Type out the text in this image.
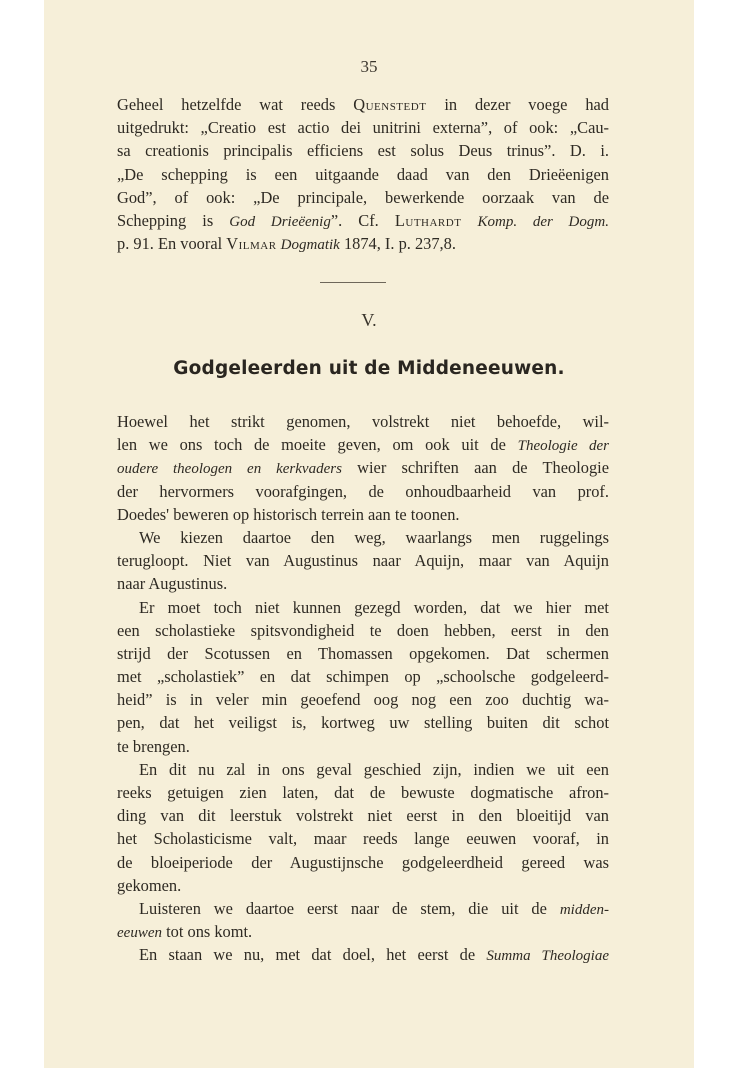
35
Geheel hetzelfde wat reeds Quenstedt in dezer voege had
uitgedrukt: „Creatio est actio dei unitrini externa”, of ook: „Cau-
sa creationis principalis efficiens est solus Deus trinus”. D. i.
„De schepping is een uitgaande daad van den Drieëenigen
God”, of ook: „De principale, bewerkende oorzaak van de
Schepping is God Drieëenig”. Cf. Luthardt Komp. der Dogm.
p. 91. En vooral Vilmar Dogmatik 1874, I. p. 237,8.
V.
Godgeleerden uit de Middeneeuwen.
Hoewel het strikt genomen, volstrekt niet behoefde, wil-
len we ons toch de moeite geven, om ook uit de Theologie der
oudere theologen en kerkvaders wier schriften aan de Theologie
der hervormers voorafgingen, de onhoudbaarheid van prof.
Doedes' beweren op historisch terrein aan te toonen.
We kiezen daartoe den weg, waarlangs men ruggelings
terugloopt. Niet van Augustinus naar Aquijn, maar van Aquijn
naar Augustinus.
Er moet toch niet kunnen gezegd worden, dat we hier met
een scholastieke spitsvondigheid te doen hebben, eerst in den
strijd der Scotussen en Thomassen opgekomen. Dat schermen
met „scholastiek” en dat schimpen op „schoolsche godgeleerd-
heid” is in veler min geoefend oog nog een zoo duchtig wa-
pen, dat het veiligst is, kortweg uw stelling buiten dit schot
te brengen.
En dit nu zal in ons geval geschied zijn, indien we uit een
reeks getuigen zien laten, dat de bewuste dogmatische afron-
ding van dit leerstuk volstrekt niet eerst in den bloeitijd van
het Scholasticisme valt, maar reeds lange eeuwen vooraf, in
de bloeiperiode der Augustijnsche godgeleerdheid gereed was
gekomen.
Luisteren we daartoe eerst naar de stem, die uit de midden-
eeuwen tot ons komt.
En staan we nu, met dat doel, het eerst de Summa Theologiae
